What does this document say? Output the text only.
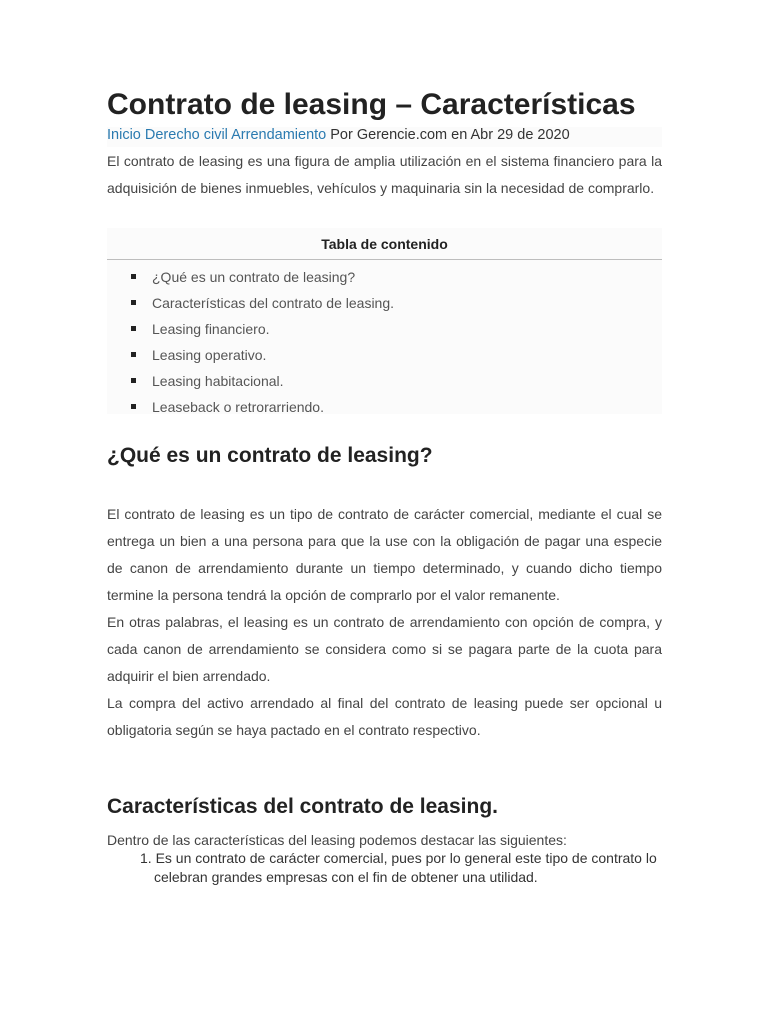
Contrato de leasing – Características
Inicio Derecho civil Arrendamiento Por Gerencie.com en Abr 29 de 2020

El contrato de leasing es una figura de amplia utilización en el sistema financiero para la adquisición de bienes inmuebles, vehículos y maquinaria sin la necesidad de comprarlo.

Tabla de contenido
¿Qué es un contrato de leasing?
Características del contrato de leasing.
Leasing financiero.
Leasing operativo.
Leasing habitacional.
Leaseback o retrorarriendo.
¿Qué es un contrato de leasing?

El contrato de leasing es un tipo de contrato de carácter comercial, mediante el cual se entrega un bien a una persona para que la use con la obligación de pagar una especie de canon de arrendamiento durante un tiempo determinado, y cuando dicho tiempo termine la persona tendrá la opción de comprarlo por el valor remanente.

En otras palabras, el leasing es un contrato de arrendamiento con opción de compra, y cada canon de arrendamiento se considera como si se pagara parte de la cuota para adquirir el bien arrendado.

La compra del activo arrendado al final del contrato de leasing puede ser opcional u obligatoria según se haya pactado en el contrato respectivo.

Características del contrato de leasing.
Dentro de las características del leasing podemos destacar las siguientes:
1. Es un contrato de carácter comercial, pues por lo general este tipo de contrato lo celebran grandes empresas con el fin de obtener una utilidad.
